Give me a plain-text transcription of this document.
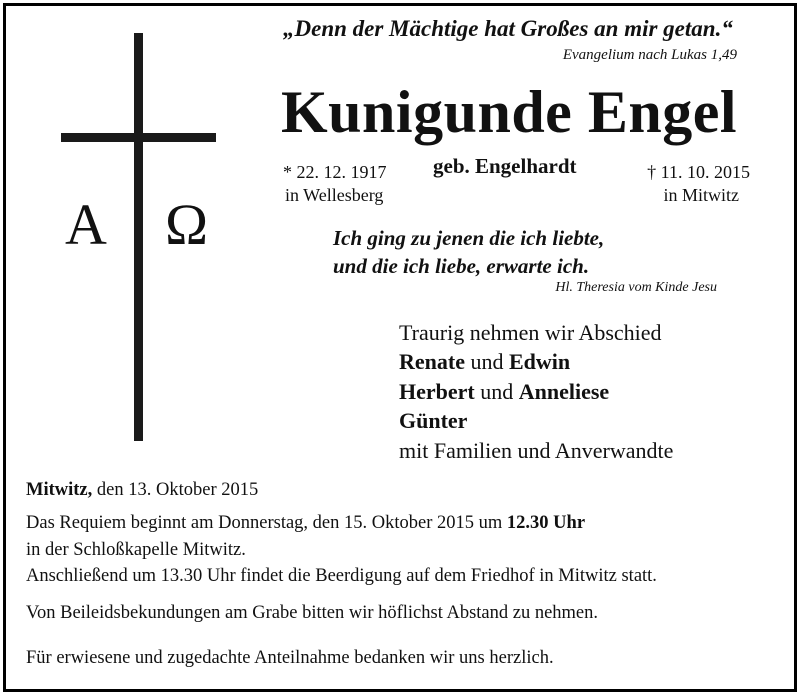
A Ω
„Denn der Mächtige hat Großes an mir getan.“
Evangelium nach Lukas 1,49
Kunigunde Engel
* 22. 12. 1917
in Wellesberg
geb. Engelhardt	† 11. 10. 2015
in Mitwitz
Ich ging zu jenen die ich liebte,
und die ich liebe, erwarte ich.
Hl. Theresia vom Kinde Jesu
Traurig nehmen wir Abschied
Renate und Edwin
Herbert und Anneliese
Günter
mit Familien und Anverwandte
Mitwitz, den 13. Oktober 2015
Das Requiem beginnt am Donnerstag, den 15. Oktober 2015 um 12.30 Uhr
in der Schloßkapelle Mitwitz.
Anschließend um 13.30 Uhr findet die Beerdigung auf dem Friedhof in Mitwitz statt.
Von Beileidsbekundungen am Grabe bitten wir höflichst Abstand zu nehmen.
Für erwiesene und zugedachte Anteilnahme bedanken wir uns herzlich.
